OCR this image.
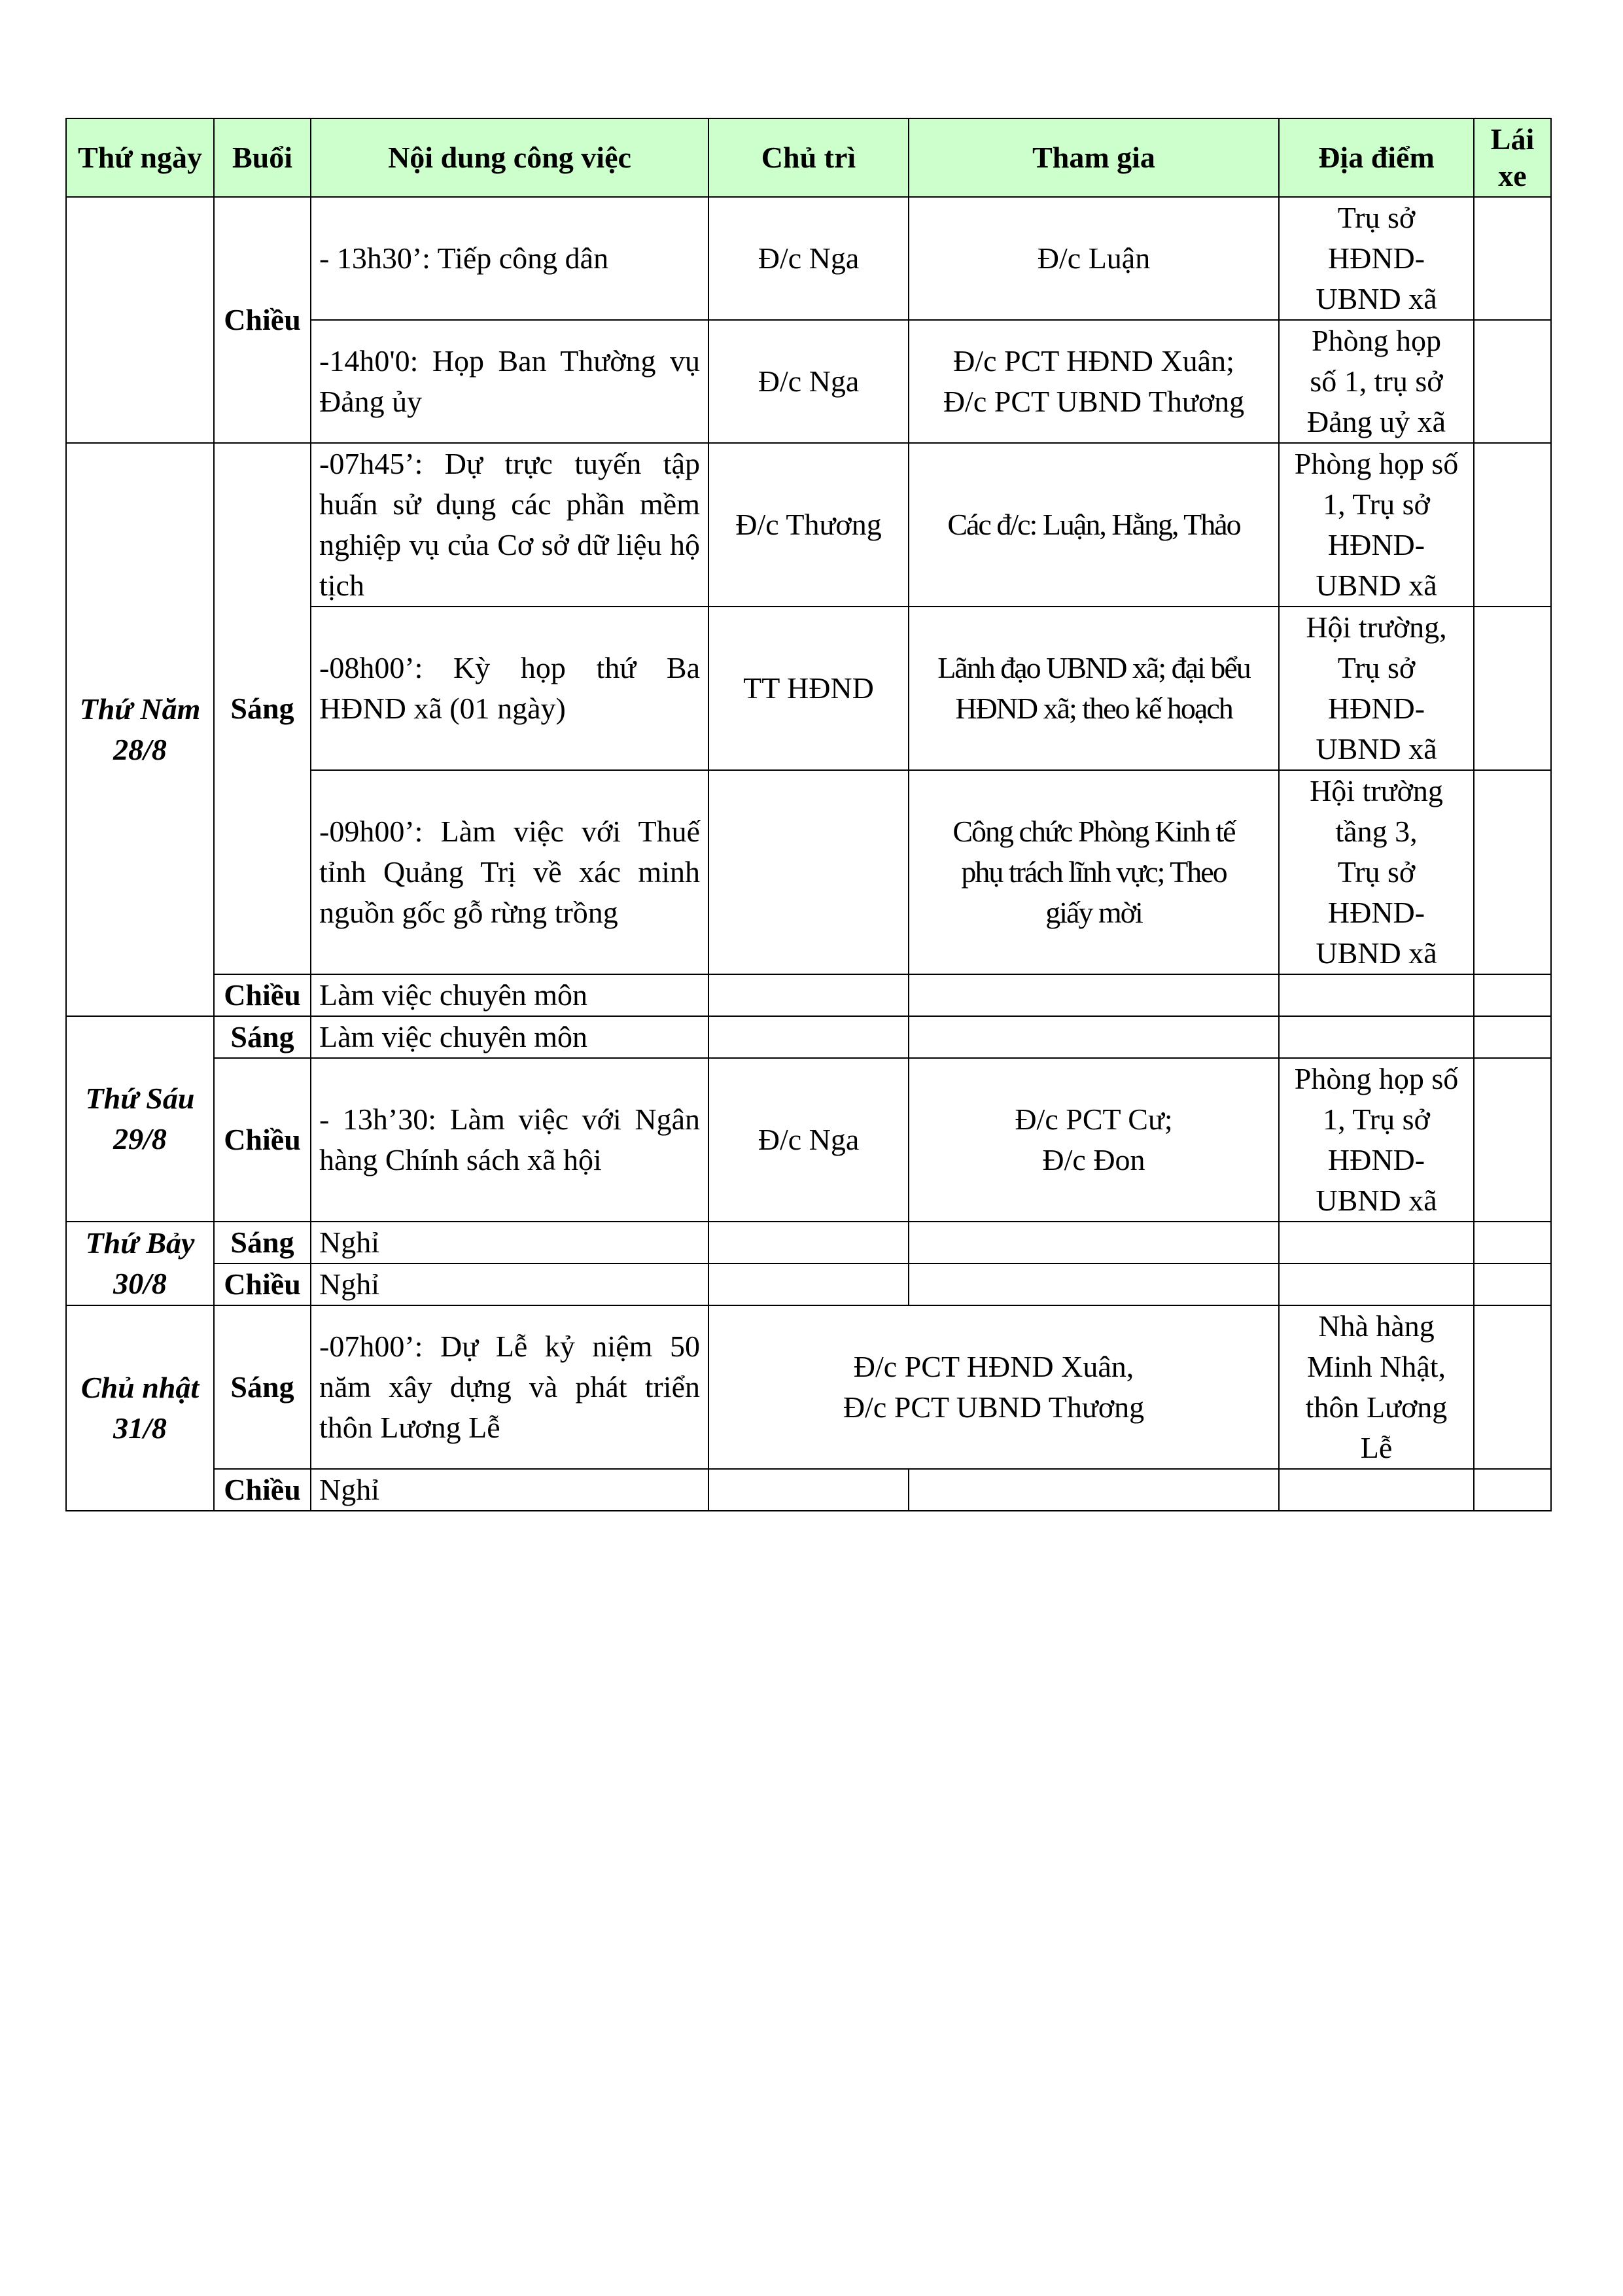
Thứ ngày	Buổi	Nội dung công việc	Chủ trì	Tham gia	Địa điểm	Lái xe
	Chiều	- 13h30’: Tiếp công dân	Đ/c Nga	Đ/c Luận	Trụ sở
HĐND-
UBND xã	
		-14h0'0: Họp Ban Thường vụ Đảng ủy	Đ/c Nga	Đ/c PCT HĐND Xuân;
Đ/c PCT UBND Thương	Phòng họp
số 1, trụ sở
Đảng uỷ xã	
Thứ Năm
28/8	Sáng	-07h45’: Dự trực tuyến tập huấn sử dụng các phần mềm nghiệp vụ của Cơ sở dữ liệu hộ tịch	Đ/c Thương	Các đ/c: Luận, Hằng, Thảo	Phòng họp số
1, Trụ sở
HĐND-
UBND xã	
		-08h00’: Kỳ họp thứ Ba HĐND xã (01 ngày)	TT HĐND	Lãnh đạo UBND xã; đại bểu
HĐND xã; theo kế hoạch	Hội trường,
Trụ sở
HĐND-
UBND xã	
		-09h00’: Làm việc với Thuế tỉnh Quảng Trị về xác minh nguồn gốc gỗ rừng trồng		Công chức Phòng Kinh tế
phụ trách lĩnh vực; Theo
giấy mời	Hội trường
tầng 3,
Trụ sở
HĐND-
UBND xã	
	Chiều	Làm việc chuyên môn				
Thứ Sáu
29/8	Sáng	Làm việc chuyên môn				
	Chiều	- 13h’30: Làm việc với Ngân hàng Chính sách xã hội	Đ/c Nga	Đ/c PCT Cư;
Đ/c Đon	Phòng họp số
1, Trụ sở
HĐND-
UBND xã	
Thứ Bảy
30/8	Sáng	Nghỉ				
	Chiều	Nghỉ				
Chủ nhật
31/8	Sáng	-07h00’: Dự Lễ kỷ niệm 50 năm xây dựng và phát triển thôn Lương Lễ	Đ/c PCT HĐND Xuân,
Đ/c PCT UBND Thương		Nhà hàng
Minh Nhật,
thôn Lương
Lễ	
	Chiều	Nghỉ				
